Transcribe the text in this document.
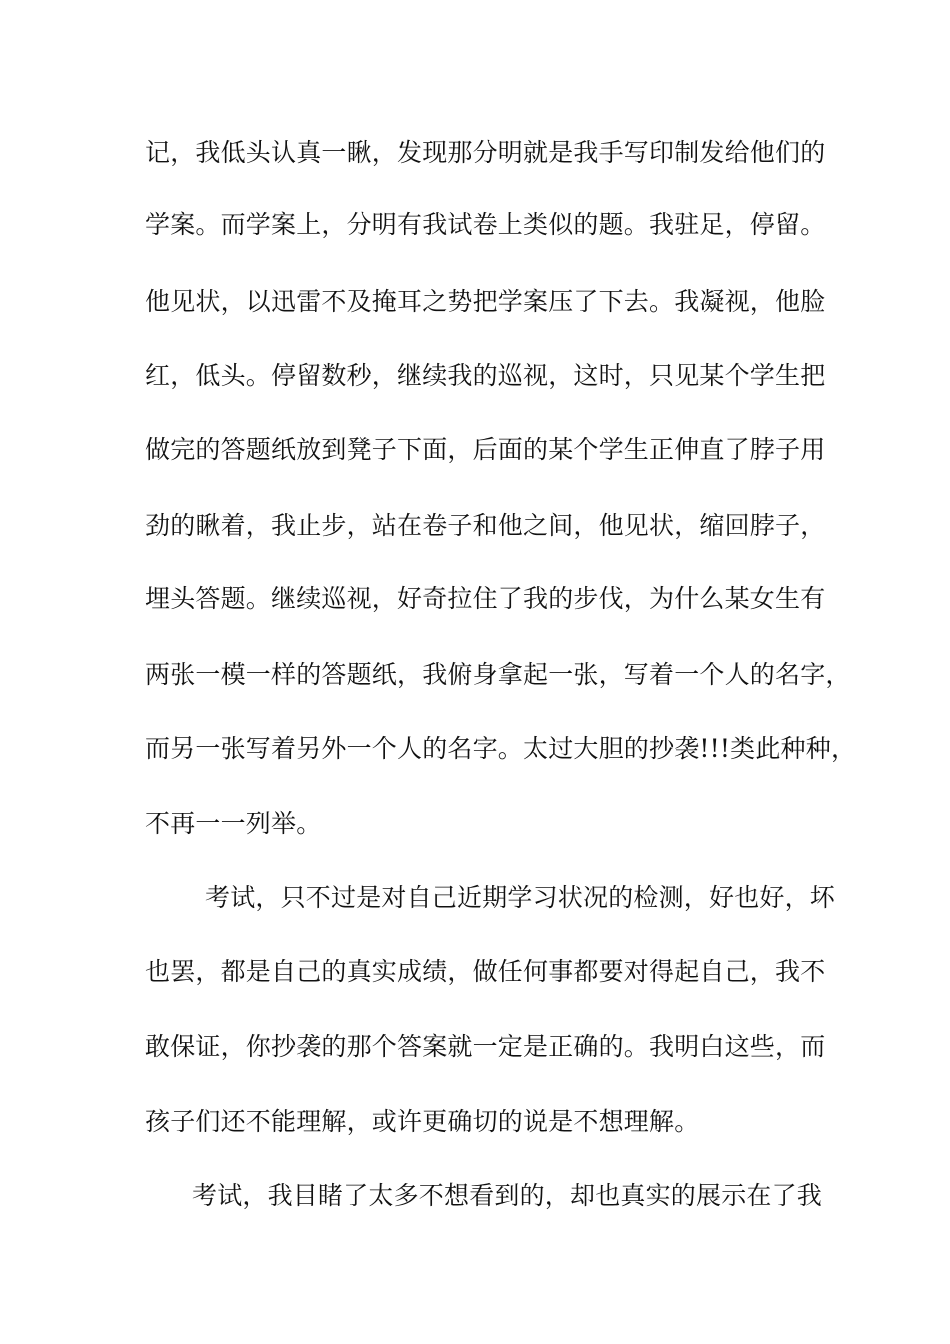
记，我低头认真一瞅，发现那分明就是我手写印制发给他们的
学案。而学案上，分明有我试卷上类似的题。我驻足，停留。
他见状，以迅雷不及掩耳之势把学案压了下去。我凝视，他脸
红，低头。停留数秒，继续我的巡视，这时，只见某个学生把
做完的答题纸放到凳子下面，后面的某个学生正伸直了脖子用
劲的瞅着，我止步，站在卷子和他之间，他见状，缩回脖子，
埋头答题。继续巡视，好奇拉住了我的步伐，为什么某女生有
两张一模一样的答题纸，我俯身拿起一张，写着一个人的名字，
而另一张写着另外一个人的名字。太过大胆的抄袭!!!类此种种，
不再一一列举。
考试，只不过是对自己近期学习状况的检测，好也好，坏
也罢，都是自己的真实成绩，做任何事都要对得起自己，我不
敢保证，你抄袭的那个答案就一定是正确的。我明白这些，而
孩子们还不能理解，或许更确切的说是不想理解。
考试，我目睹了太多不想看到的，却也真实的展示在了我
